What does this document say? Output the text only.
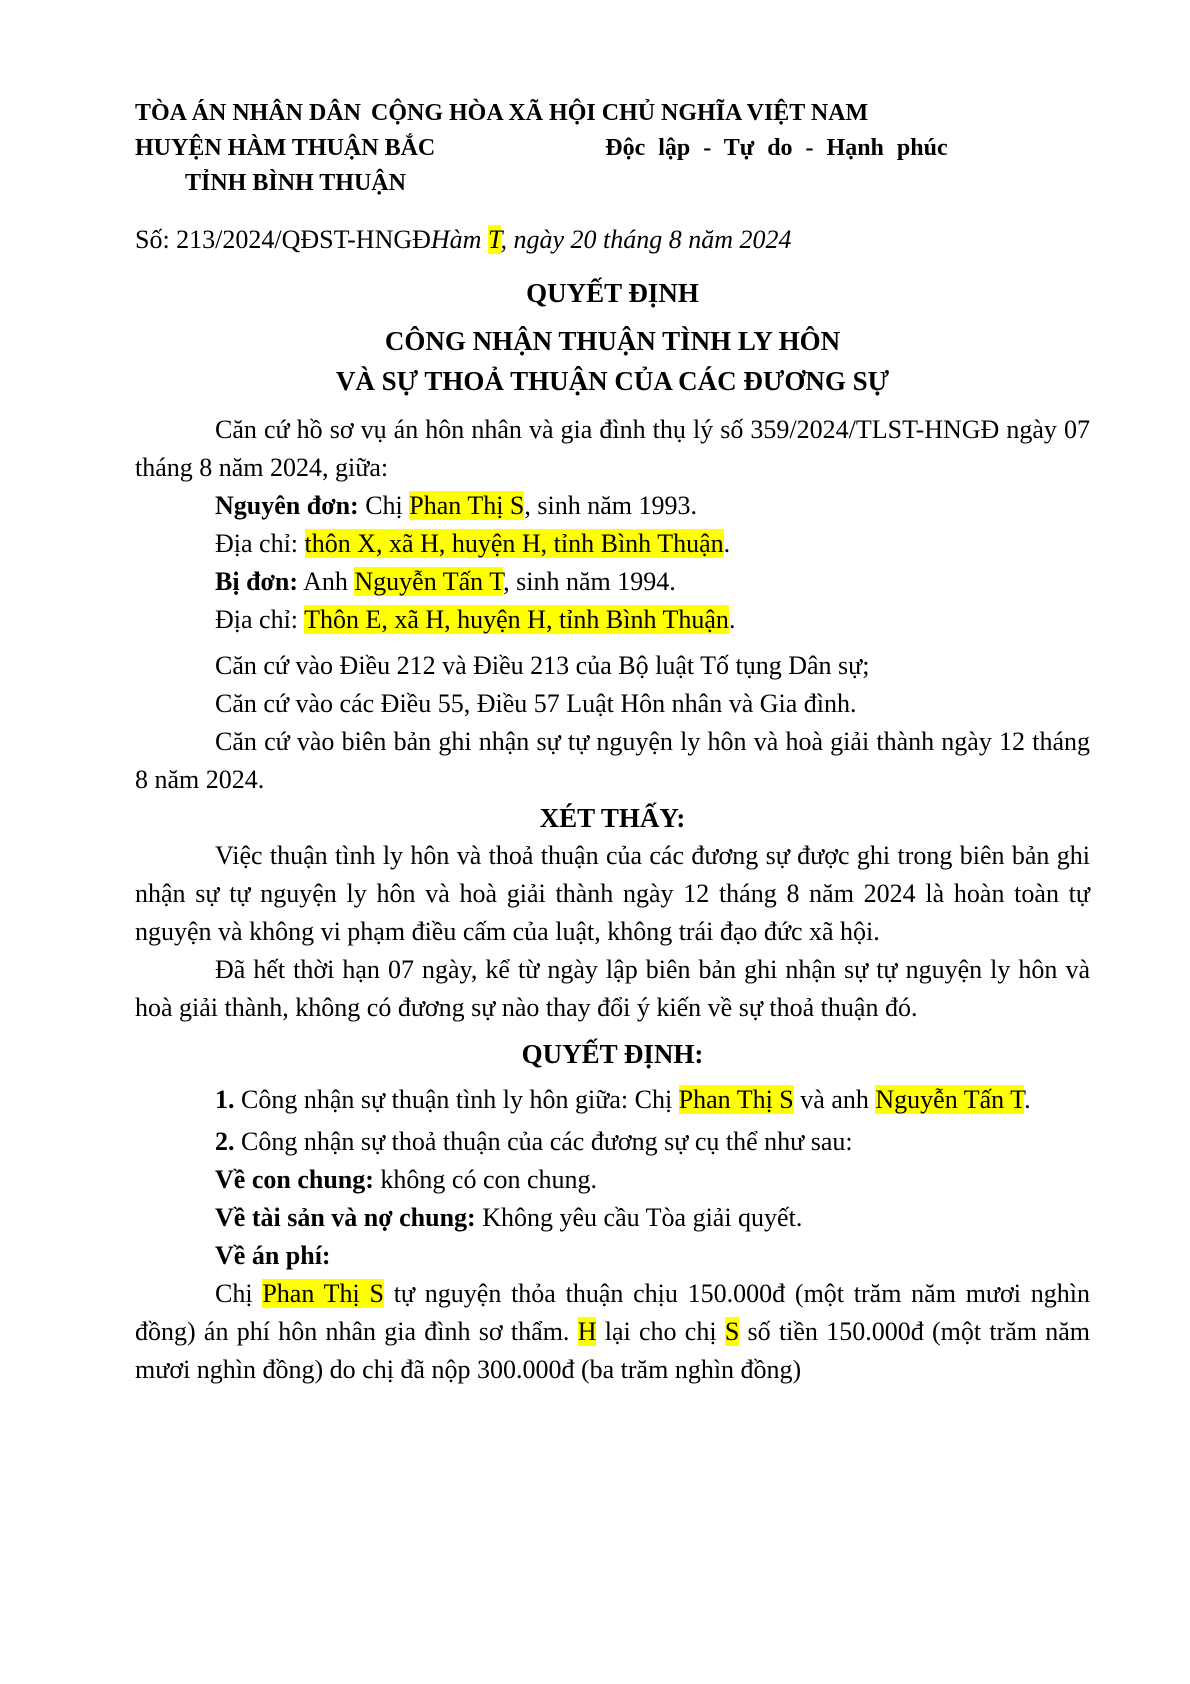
TÒA ÁN NHÂN DÂN CỘNG HÒA XÃ HỘI CHỦ NGHĨA VIỆT NAM
HUYỆN HÀM THUẬN BẮC	Độc lập - Tự do - Hạnh phúc
TỈNH BÌNH THUẬN
Số: 213/2024/QĐST-HNGĐHàm T, ngày 20 tháng 8 năm 2024
QUYẾT ĐỊNH
CÔNG NHẬN THUẬN TÌNH LY HÔN
VÀ SỰ THOẢ THUẬN CỦA CÁC ĐƯƠNG SỰ

Căn cứ hồ sơ vụ án hôn nhân và gia đình thụ lý số 359/2024/TLST-HNGĐ ngày 07 tháng 8 năm 2024, giữa:

Nguyên đơn: Chị Phan Thị S, sinh năm 1993.

Địa chỉ: thôn X, xã H, huyện H, tỉnh Bình Thuận.

Bị đơn: Anh Nguyễn Tấn T, sinh năm 1994.

Địa chỉ: Thôn E, xã H, huyện H, tỉnh Bình Thuận.

Căn cứ vào Điều 212 và Điều 213 của Bộ luật Tố tụng Dân sự;

Căn cứ vào các Điều 55, Điều 57 Luật Hôn nhân và Gia đình.

Căn cứ vào biên bản ghi nhận sự tự nguyện ly hôn và hoà giải thành ngày 12 tháng 8 năm 2024.

XÉT THẤY:

Việc thuận tình ly hôn và thoả thuận của các đương sự được ghi trong biên bản ghi nhận sự tự nguyện ly hôn và hoà giải thành ngày 12 tháng 8 năm 2024 là hoàn toàn tự nguyện và không vi phạm điều cấm của luật, không trái đạo đức xã hội.

Đã hết thời hạn 07 ngày, kể từ ngày lập biên bản ghi nhận sự tự nguyện ly hôn và hoà giải thành, không có đương sự nào thay đổi ý kiến về sự thoả thuận đó.

QUYẾT ĐỊNH:

1. Công nhận sự thuận tình ly hôn giữa: Chị Phan Thị S và anh Nguyễn Tấn T.

2. Công nhận sự thoả thuận của các đương sự cụ thể như sau:

Về con chung: không có con chung.

Về tài sản và nợ chung: Không yêu cầu Tòa giải quyết.

Về án phí:

Chị Phan Thị S tự nguyện thỏa thuận chịu 150.000đ (một trăm năm mươi nghìn đồng) án phí hôn nhân gia đình sơ thẩm. H lại cho chị S số tiền 150.000đ (một trăm năm mươi nghìn đồng) do chị đã nộp 300.000đ (ba trăm nghìn đồng)
